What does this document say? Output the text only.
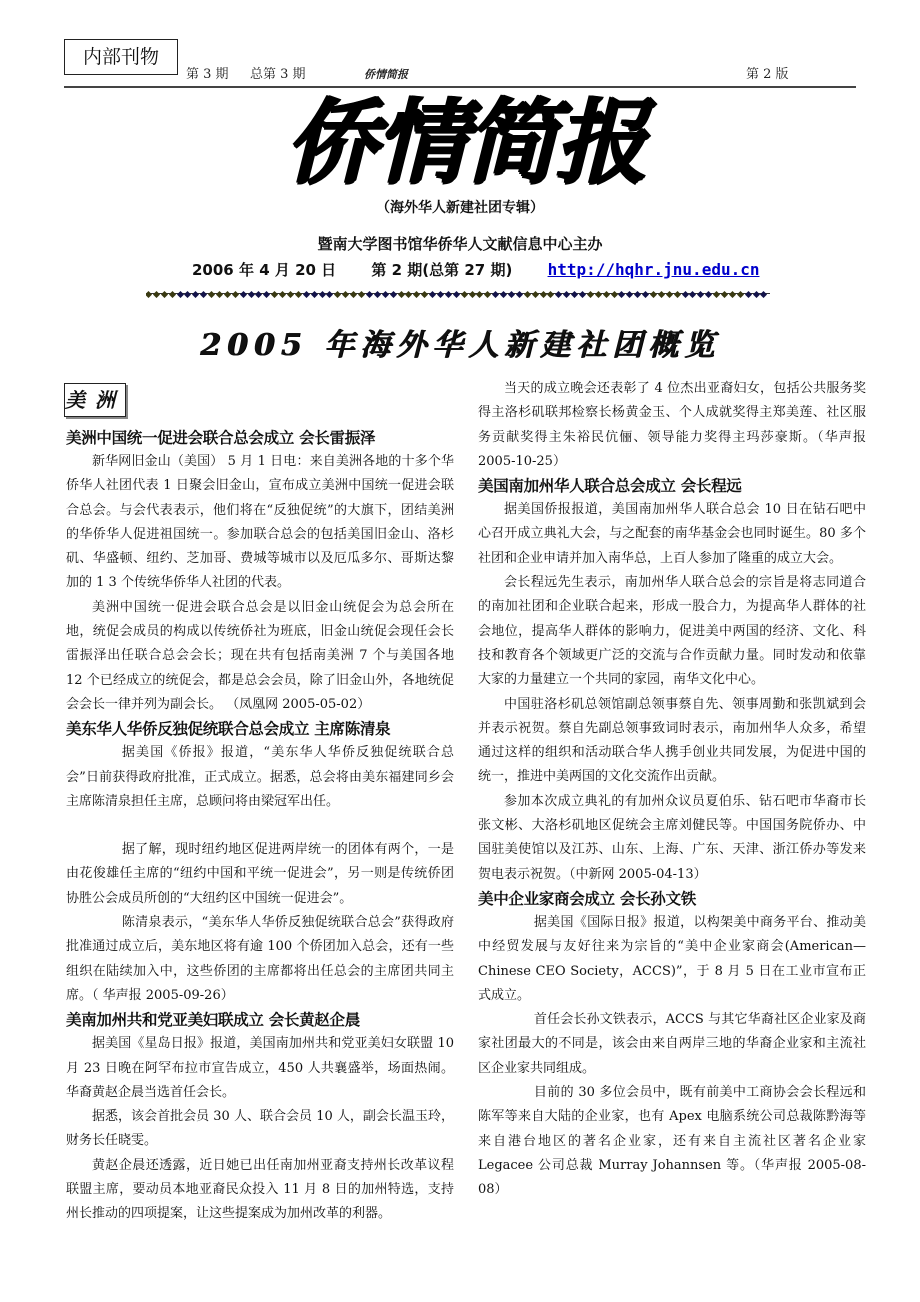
内部刊物
第 3 期 总第 3 期	侨情简报	第 2 版
侨情简报
（海外华人新建社团专辑）
暨南大学图书馆华侨华人文献信息中心主办
2006 年 4 月 20 日 第 2 期(总第 27 期) http://hqhr.jnu.edu.cn
2005 年海外华人新建社团概览
美洲
美洲中国统一促进会联合总会成立 会长雷振泽

新华网旧金山（美国） 5 月 1 日电：来自美洲各地的十多个华侨华人社团代表 1 日聚会旧金山，宣布成立美洲中国统一促进会联合总会。与会代表表示，他们将在“反独促统”的大旗下，团结美洲的华侨华人促进祖国统一。参加联合总会的包括美国旧金山、洛杉矶、华盛顿、纽约、芝加哥、费城等城市以及厄瓜多尔、哥斯达黎加的 1 3 个传统华侨华人社团的代表。

美洲中国统一促进会联合总会是以旧金山统促会为总会所在地，统促会成员的构成以传统侨社为班底，旧金山统促会现任会长雷振泽出任联合总会会长；现在共有包括南美洲 7 个与美国各地 12 个已经成立的统促会，都是总会会员，除了旧金山外，各地统促会会长一律并列为副会长。 （凤凰网 2005-05-02）

美东华人华侨反独促统联合总会成立 主席陈清泉

据美国《侨报》报道，“美东华人华侨反独促统联合总会”日前获得政府批准，正式成立。据悉，总会将由美东福建同乡会主席陈清泉担任主席，总顾问将由梁冠军出任。

据了解，现时纽约地区促进两岸统一的团体有两个，一是由花俊雄任主席的“纽约中国和平统一促进会”，另一则是传统侨团协胜公会成员所创的“大纽约区中国统一促进会”。

陈清泉表示，“美东华人华侨反独促统联合总会”获得政府批准通过成立后，美东地区将有逾 100 个侨团加入总会，还有一些组织在陆续加入中，这些侨团的主席都将出任总会的主席团共同主席。（ 华声报 2005-09-26）

美南加州共和党亚美妇联成立 会长黄赵企晨

据美国《星岛日报》报道，美国南加州共和党亚美妇女联盟 10 月 23 日晚在阿罕布拉市宣告成立，450 人共襄盛举，场面热闹。华裔黄赵企晨当选首任会长。

据悉，该会首批会员 30 人、联合会员 10 人，副会长温玉玲，财务长任晓雯。

黄赵企晨还透露，近日她已出任南加州亚裔支持州长改革议程联盟主席，要动员本地亚裔民众投入 11 月 8 日的加州特选，支持州长推动的四项提案，让这些提案成为加州改革的利器。

当天的成立晚会还表彰了 4 位杰出亚裔妇女，包括公共服务奖得主洛杉矶联邦检察长杨黄金玉、个人成就奖得主郑美莲、社区服务贡献奖得主朱裕民伉俪、领导能力奖得主玛莎豪斯。（华声报 2005-10-25）

美国南加州华人联合总会成立 会长程远

据美国侨报报道，美国南加州华人联合总会 10 日在钻石吧中心召开成立典礼大会，与之配套的南华基金会也同时诞生。80 多个社团和企业申请并加入南华总，上百人参加了隆重的成立大会。

会长程远先生表示，南加州华人联合总会的宗旨是将志同道合的南加社团和企业联合起来，形成一股合力，为提高华人群体的社会地位，提高华人群体的影响力，促进美中两国的经济、文化、科技和教育各个领域更广泛的交流与合作贡献力量。同时发动和依靠大家的力量建立一个共同的家园，南华文化中心。

中国驻洛杉矶总领馆副总领事蔡自先、领事周勤和张凯斌到会并表示祝贺。蔡自先副总领事致词时表示，南加州华人众多，希望通过这样的组织和活动联合华人携手创业共同发展，为促进中国的统一，推进中美两国的文化交流作出贡献。

参加本次成立典礼的有加州众议员夏伯乐、钻石吧市华裔市长张文彬、大洛杉矶地区促统会主席刘健民等。中国国务院侨办、中国驻美使馆以及江苏、山东、上海、广东、天津、浙江侨办等发来贺电表示祝贺。（中新网 2005-04-13）

美中企业家商会成立 会长孙文铁

据美国《国际日报》报道，以构架美中商务平台、推动美中经贸发展与友好往来为宗旨的“美中企业家商会(American—Chinese CEO Society，ACCS)”，于 8 月 5 日在工业市宣布正式成立。

首任会长孙文铁表示，ACCS 与其它华裔社区企业家及商家社团最大的不同是，该会由来自两岸三地的华裔企业家和主流社区企业家共同组成。

目前的 30 多位会员中，既有前美中工商协会会长程远和陈军等来自大陆的企业家，也有 Apex 电脑系统公司总裁陈黔海等来自港台地区的著名企业家，还有来自主流社区著名企业家 Legacee 公司总裁 Murray Johannsen 等。（华声报 2005-08-08）
